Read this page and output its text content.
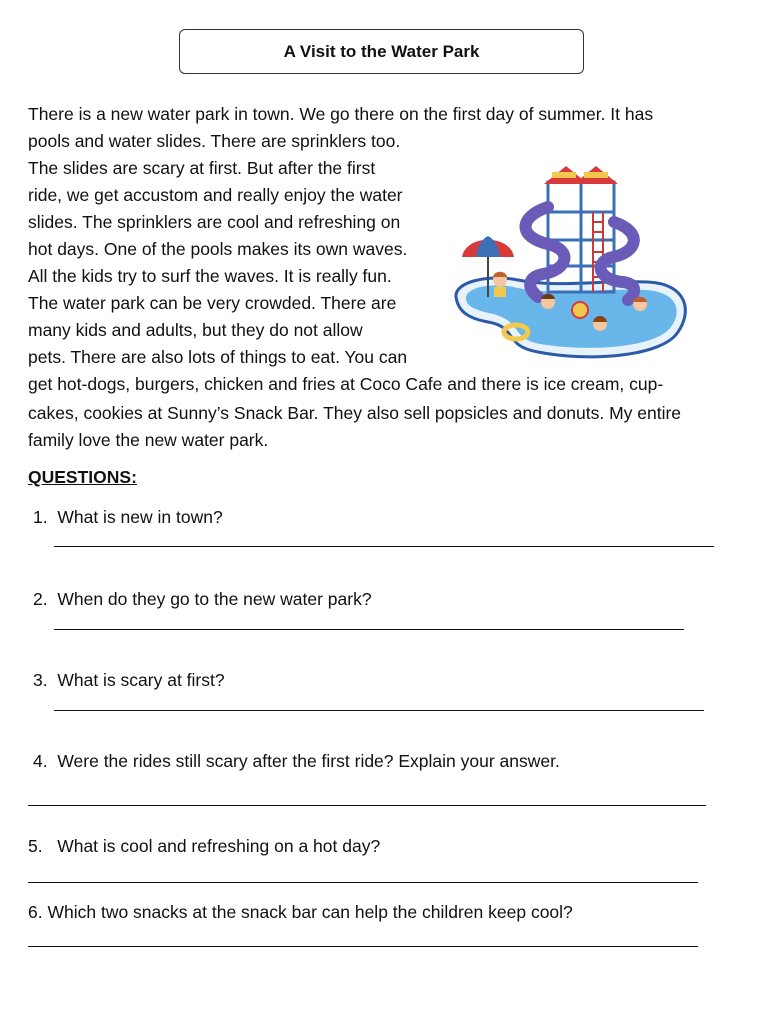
A Visit to the Water Park
There is a new water park in town. We go there on the first day of summer. It has
pools and water slides. There are sprinklers too.
The slides are scary at first. But after the first
ride, we get accustom and really enjoy the water
slides. The sprinklers are cool and refreshing on
hot days. One of the pools makes its own waves.
All the kids try to surf the waves. It is really fun.
The water park can be very crowded. There are
many kids and adults, but they do not allow
pets. There are also lots of things to eat. You can
get hot-dogs, burgers, chicken and fries at Coco Cafe and there is ice cream, cup-
cakes, cookies at Sunny’s Snack Bar. They also sell popsicles and donuts. My entire
family love the new water park.
QUESTIONS:
1. What is new in town?
2. When do they go to the new water park?
3. What is scary at first?
4. Were the rides still scary after the first ride? Explain your answer.
5. What is cool and refreshing on a hot day?
6. Which two snacks at the snack bar can help the children keep cool?
